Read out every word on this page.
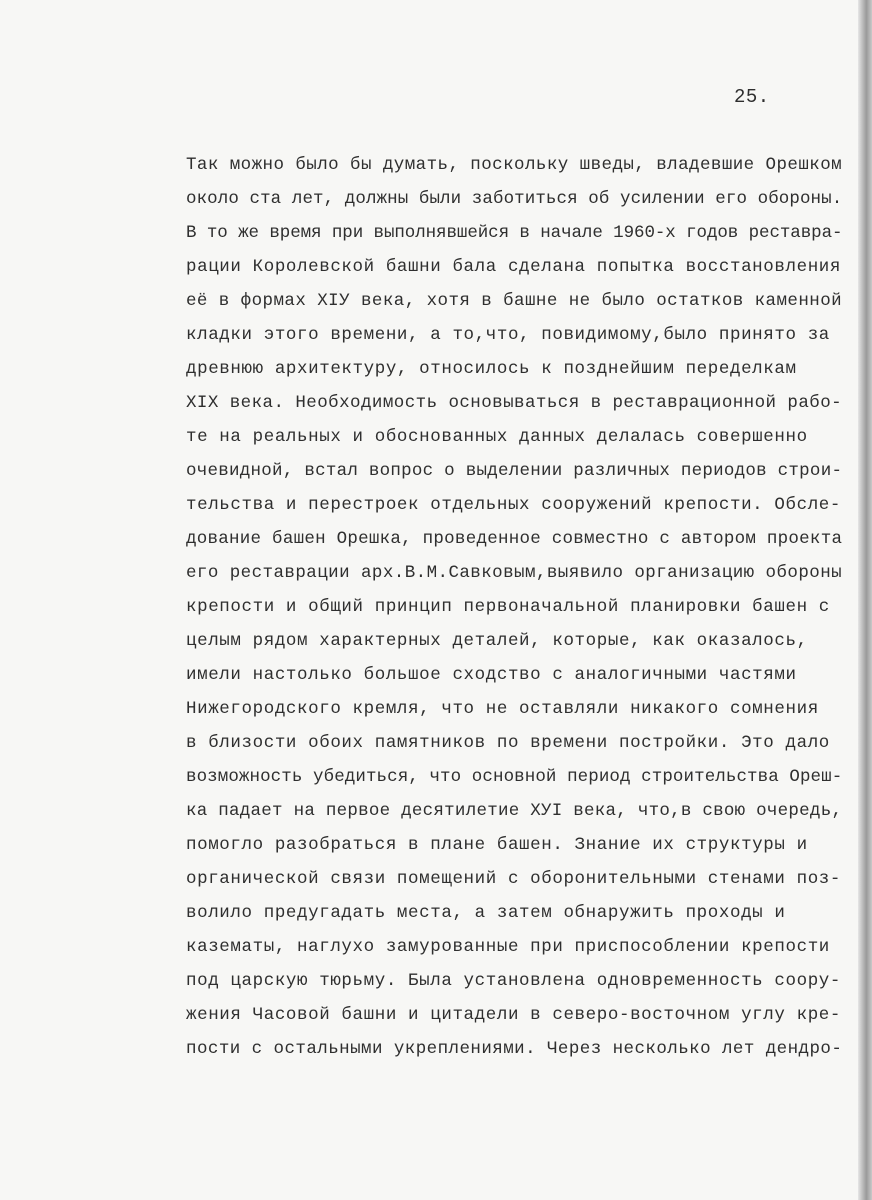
25.
Так можно было бы думать, поскольку шведы, владевшие Орешком
около ста лет, должны были заботиться об усилении его обороны.
В то же время при выполнявшейся в начале 1960-х годов реставра-
рации Королевской башни бала сделана попытка восстановления
её в формах XIУ века, хотя в башне не было остатков каменной
кладки этого времени, а то,что, повидимому,было принято за
древнюю архитектуру, относилось к позднейшим переделкам
XIX века. Необходимость основываться в реставрационной рабо-
те на реальных и обоснованных данных делалась совершенно
очевидной, встал вопрос о выделении различных периодов строи-
тельства и перестроек отдельных сооружений крепости. Обсле-
дование башен Орешка, проведенное совместно с автором проекта
его реставрации арх.В.М.Савковым,выявило организацию обороны
крепости и общий принцип первоначальной планировки башен с
целым рядом характерных деталей, которые, как оказалось,
имели настолько большое сходство с аналогичными частями
Нижегородского кремля, что не оставляли никакого сомнения
в близости обоих памятников по времени постройки. Это дало
возможность убедиться, что основной период строительства Ореш-
ка падает на первое десятилетие ХУI века, что,в свою очередь,
помогло разобраться в плане башен. Знание их структуры и
органической связи помещений с оборонительными стенами поз-
волило предугадать места, а затем обнаружить проходы и
казематы, наглухо замурованные при приспособлении крепости
под царскую тюрьму. Была установлена одновременность соору-
жения Часовой башни и цитадели в северо-восточном углу кре-
пости с остальными укреплениями. Через несколько лет дендро-
